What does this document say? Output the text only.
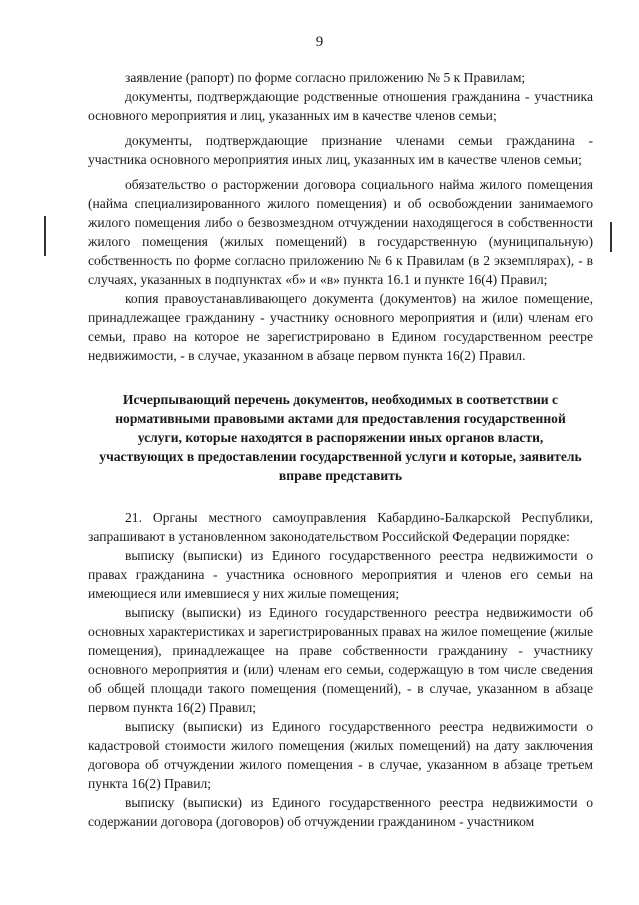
9

заявление (рапорт) по форме согласно приложению № 5 к Правилам;

документы, подтверждающие родственные отношения гражданина - участника основного мероприятия и лиц, указанных им в качестве членов семьи;

документы, подтверждающие признание членами семьи гражданина - участника основного мероприятия иных лиц, указанных им в качестве членов семьи;

обязательство о расторжении договора социального найма жилого помещения (найма специализированного жилого помещения) и об освобождении занимаемого жилого помещения либо о безвозмездном отчуждении находящегося в собственности жилого помещения (жилых помещений) в государственную (муниципальную) собственность по форме согласно приложению № 6 к Правилам (в 2 экземплярах), - в случаях, указанных в подпунктах «б» и «в» пункта 16.1 и пункте 16(4) Правил;

копия правоустанавливающего документа (документов) на жилое помещение, принадлежащее гражданину - участнику основного мероприятия и (или) членам его семьи, право на которое не зарегистрировано в Едином государственном реестре недвижимости, - в случае, указанном в абзаце первом пункта 16(2) Правил.

Исчерпывающий перечень документов, необходимых в соответствии с нормативными правовыми актами для предоставления государственной услуги, которые находятся в распоряжении иных органов власти, участвующих в предоставлении государственной услуги и которые, заявитель вправе представить

21. Органы местного самоуправления Кабардино-Балкарской Республики, запрашивают в установленном законодательством Российской Федерации порядке:

выписку (выписки) из Единого государственного реестра недвижимости о правах гражданина - участника основного мероприятия и членов его семьи на имеющиеся или имевшиеся у них жилые помещения;

выписку (выписки) из Единого государственного реестра недвижимости об основных характеристиках и зарегистрированных правах на жилое помещение (жилые помещения), принадлежащее на праве собственности гражданину - участнику основного мероприятия и (или) членам его семьи, содержащую в том числе сведения об общей площади такого помещения (помещений), - в случае, указанном в абзаце первом пункта 16(2) Правил;

выписку (выписки) из Единого государственного реестра недвижимости о кадастровой стоимости жилого помещения (жилых помещений) на дату заключения договора об отчуждении жилого помещения - в случае, указанном в абзаце третьем пункта 16(2) Правил;

выписку (выписки) из Единого государственного реестра недвижимости о содержании договора (договоров) об отчуждении гражданином - участником
